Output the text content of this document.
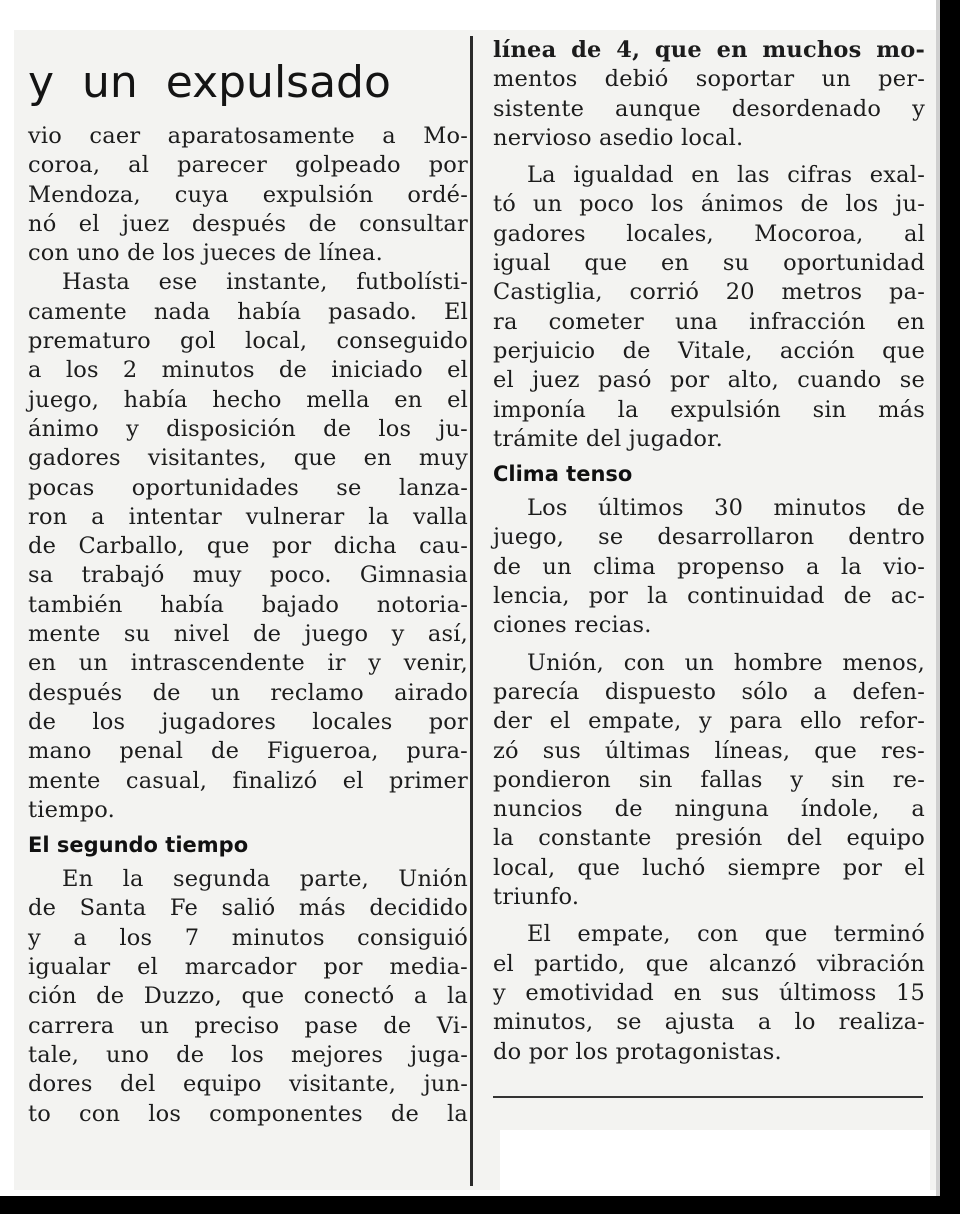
y un expulsado
vio caer aparatosamente a Mo-
coroa, al parecer golpeado por
Mendoza, cuya expulsión ordé-
nó el juez después de consultar
con uno de los jueces de línea.
Hasta ese instante, futbolísti-
camente nada había pasado. El
prematuro gol local, conseguido
a los 2 minutos de iniciado el
juego, había hecho mella en el
ánimo y disposición de los ju-
gadores visitantes, que en muy
pocas oportunidades se lanza-
ron a intentar vulnerar la valla
de Carballo, que por dicha cau-
sa trabajó muy poco. Gimnasia
también había bajado notoria-
mente su nivel de juego y así,
en un intrascendente ir y venir,
después de un reclamo airado
de los jugadores locales por
mano penal de Figueroa, pura-
mente casual, finalizó el primer
tiempo.
El segundo tiempo
En la segunda parte, Unión
de Santa Fe salió más decidido
y a los 7 minutos consiguió
igualar el marcador por media-
ción de Duzzo, que conectó a la
carrera un preciso pase de Vi-
tale, uno de los mejores juga-
dores del equipo visitante, jun-
to con los componentes de la
línea de 4, que en muchos mo-
mentos debió soportar un per-
sistente aunque desordenado y
nervioso asedio local.
La igualdad en las cifras exal-
tó un poco los ánimos de los ju-
gadores locales, Mocoroa, al
igual que en su oportunidad
Castiglia, corrió 20 metros pa-
ra cometer una infracción en
perjuicio de Vitale, acción que
el juez pasó por alto, cuando se
imponía la expulsión sin más
trámite del jugador.
Clima tenso
Los últimos 30 minutos de
juego, se desarrollaron dentro
de un clima propenso a la vio-
lencia, por la continuidad de ac-
ciones recias.
Unión, con un hombre menos,
parecía dispuesto sólo a defen-
der el empate, y para ello refor-
zó sus últimas líneas, que res-
pondieron sin fallas y sin re-
nuncios de ninguna índole, a
la constante presión del equipo
local, que luchó siempre por el
triunfo.
El empate, con que terminó
el partido, que alcanzó vibración
y emotividad en sus últimoss 15
minutos, se ajusta a lo realiza-
do por los protagonistas.
